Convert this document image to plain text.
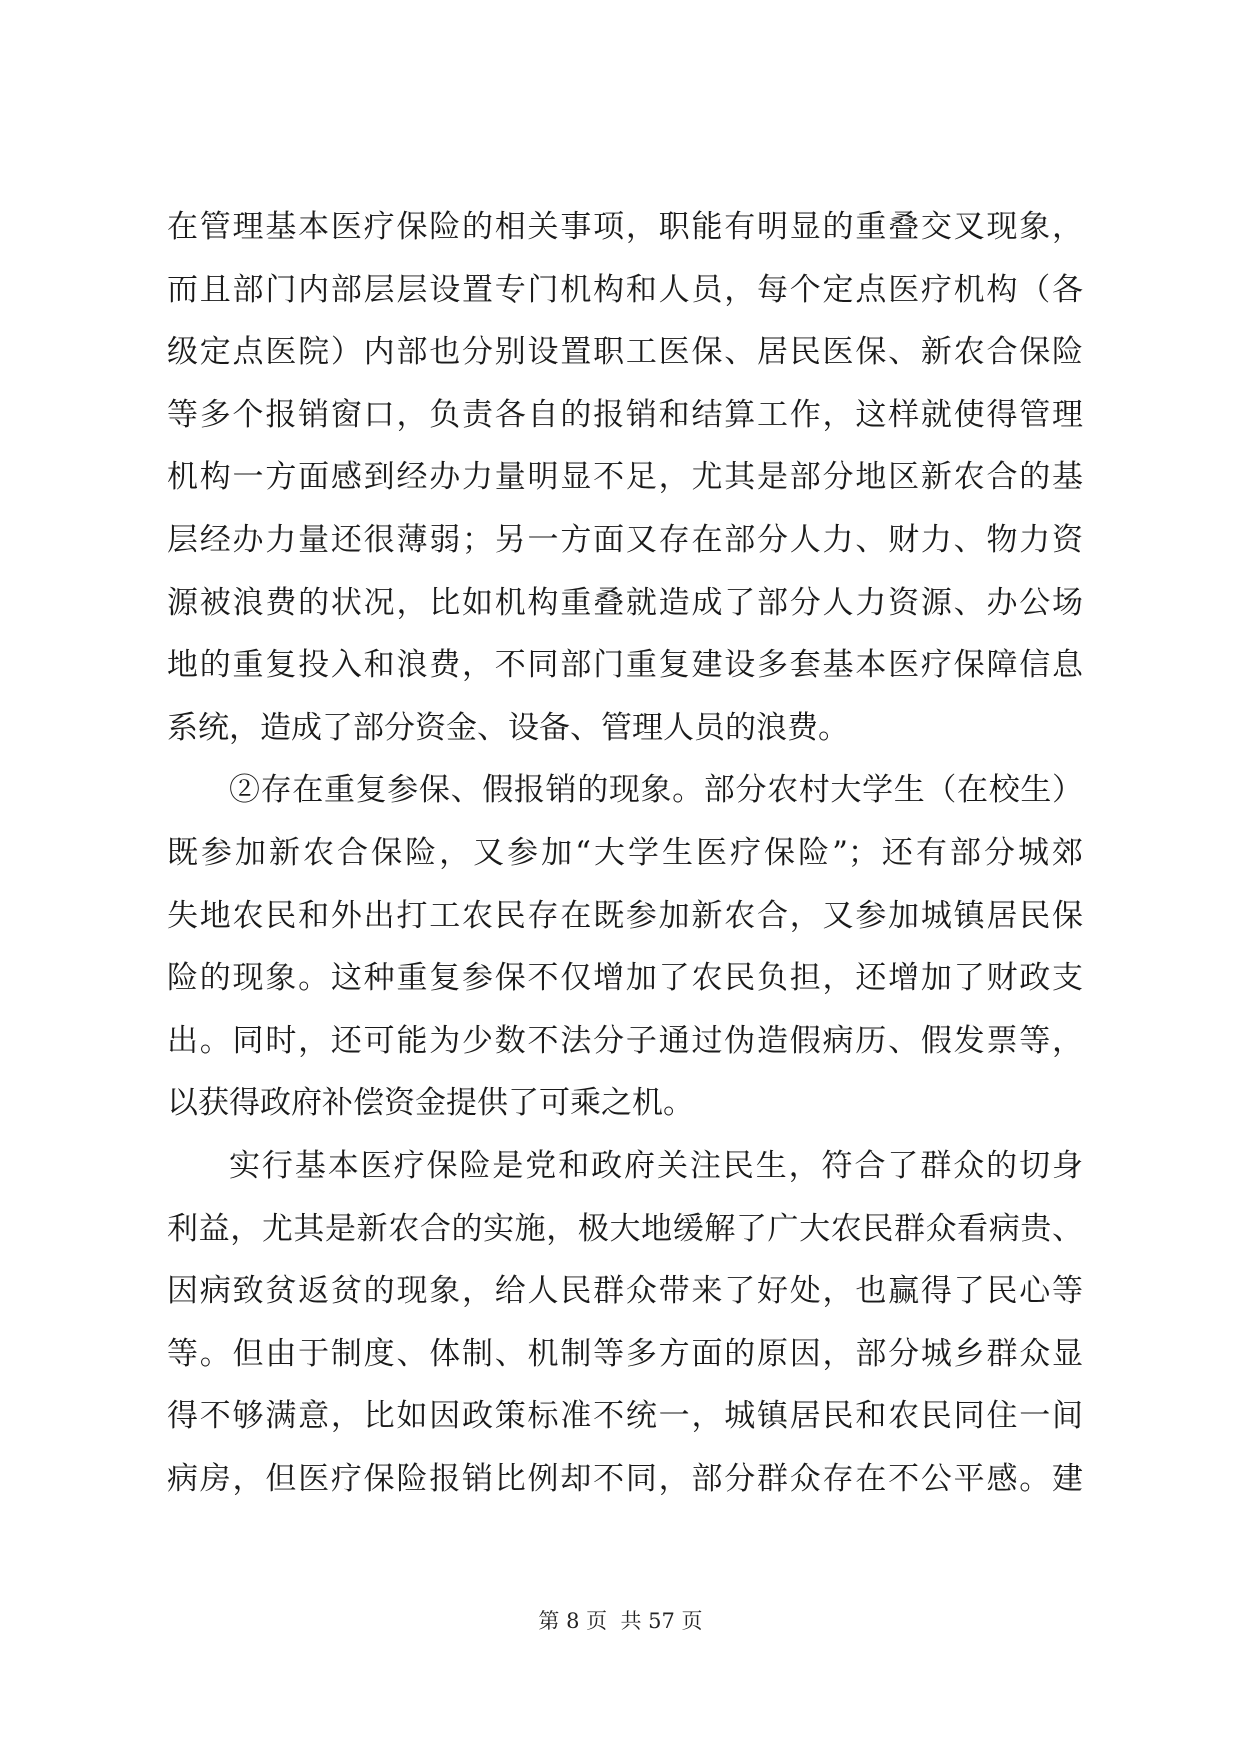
在管理基本医疗保险的相关事项，职能有明显的重叠交叉现象，
而且部门内部层层设置专门机构和人员，每个定点医疗机构（各
级定点医院）内部也分别设置职工医保、居民医保、新农合保险
等多个报销窗口，负责各自的报销和结算工作，这样就使得管理
机构一方面感到经办力量明显不足，尤其是部分地区新农合的基
层经办力量还很薄弱；另一方面又存在部分人力、财力、物力资
源被浪费的状况，比如机构重叠就造成了部分人力资源、办公场
地的重复投入和浪费，不同部门重复建设多套基本医疗保障信息
系统，造成了部分资金、设备、管理人员的浪费。
②存在重复参保、假报销的现象。部分农村大学生（在校生）
既参加新农合保险，又参加“大学生医疗保险”；还有部分城郊
失地农民和外出打工农民存在既参加新农合，又参加城镇居民保
险的现象。这种重复参保不仅增加了农民负担，还增加了财政支
出。同时，还可能为少数不法分子通过伪造假病历、假发票等，
以获得政府补偿资金提供了可乘之机。
实行基本医疗保险是党和政府关注民生，符合了群众的切身
利益，尤其是新农合的实施，极大地缓解了广大农民群众看病贵、
因病致贫返贫的现象，给人民群众带来了好处，也赢得了民心等
等。但由于制度、体制、机制等多方面的原因，部分城乡群众显
得不够满意，比如因政策标准不统一，城镇居民和农民同住一间
病房，但医疗保险报销比例却不同，部分群众存在不公平感。建
第 8 页  共 57 页
